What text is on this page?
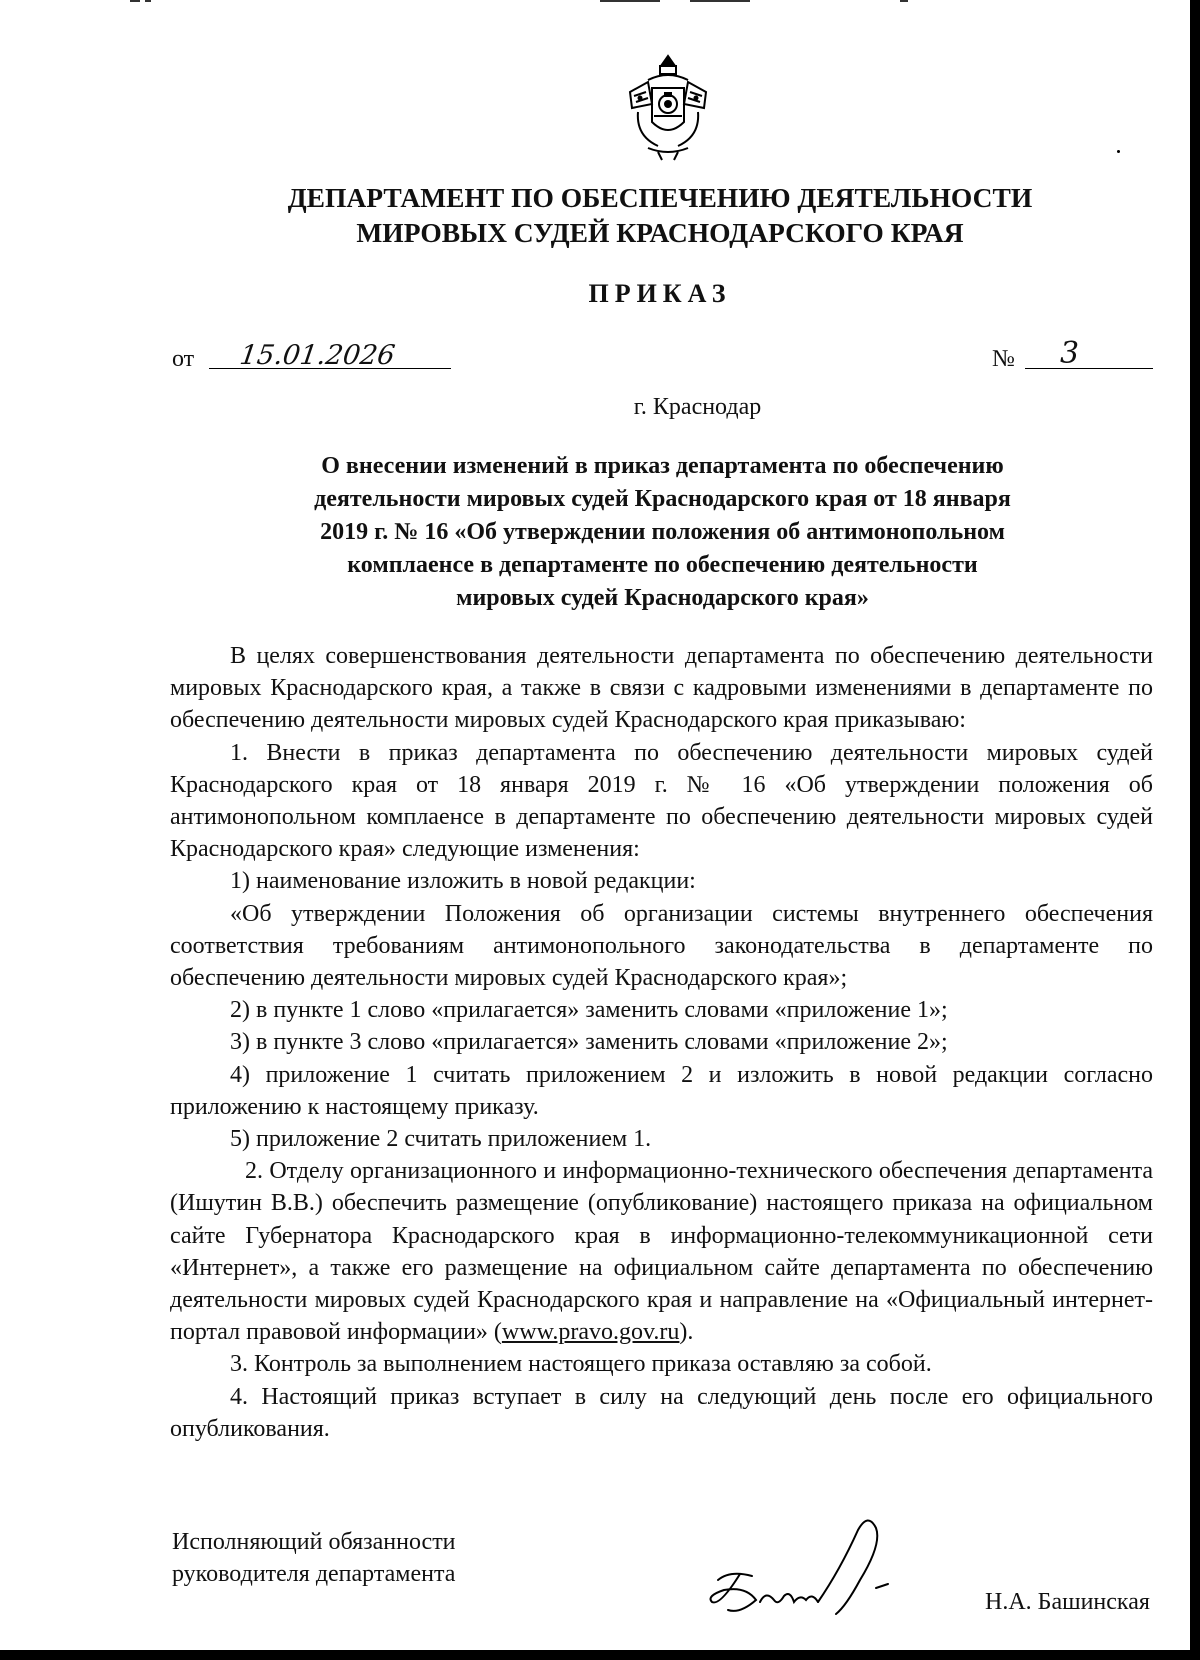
ДЕПАРТАМЕНТ ПО ОБЕСПЕЧЕНИЮ ДЕЯТЕЛЬНОСТИ
МИРОВЫХ СУДЕЙ КРАСНОДАРСКОГО КРАЯ
ПРИКАЗ
от 15.01.2026	№ 3
г. Краснодар
О внесении изменений в приказ департамента по обеспечению
деятельности мировых судей Краснодарского края от 18 января
2019 г. № 16 «Об утверждении положения об антимонопольном
комплаенсе в департаменте по обеспечению деятельности
мировых судей Краснодарского края»

В целях совершенствования деятельности департамента по обеспечению деятельности мировых Краснодарского края, а также в связи с кадровыми изменениями в департаменте по обеспечению деятельности мировых судей Краснодарского края приказываю:

1. Внести в приказ департамента по обеспечению деятельности мировых судей Краснодарского края от 18 января 2019 г. № 16 «Об утверждении положения об антимонопольном комплаенсе в департаменте по обеспечению деятельности мировых судей Краснодарского края» следующие изменения:

1) наименование изложить в новой редакции:

«Об утверждении Положения об организации системы внутреннего обеспечения соответствия требованиям антимонопольного законодательства в департаменте по обеспечению деятельности мировых судей Краснодарского края»;

2) в пункте 1 слово «прилагается» заменить словами «приложение 1»;

3) в пункте 3 слово «прилагается» заменить словами «приложение 2»;

4) приложение 1 считать приложением 2 и изложить в новой редакции согласно приложению к настоящему приказу.

5) приложение 2 считать приложением 1.

2. Отделу организационного и информационно-технического обеспечения департамента (Ишутин В.В.) обеспечить размещение (опубликование) настоящего приказа на официальном сайте Губернатора Краснодарского края в информационно-телекоммуникационной сети «Интернет», а также его размещение на официальном сайте департамента по обеспечению деятельности мировых судей Краснодарского края и направление на «Официальный интернет-портал правовой информации» (www.pravo.gov.ru).

3. Контроль за выполнением настоящего приказа оставляю за собой.

4. Настоящий приказ вступает в силу на следующий день после его официального опубликования.

Исполняющий обязанности
руководителя департамента
Н.А. Башинская
